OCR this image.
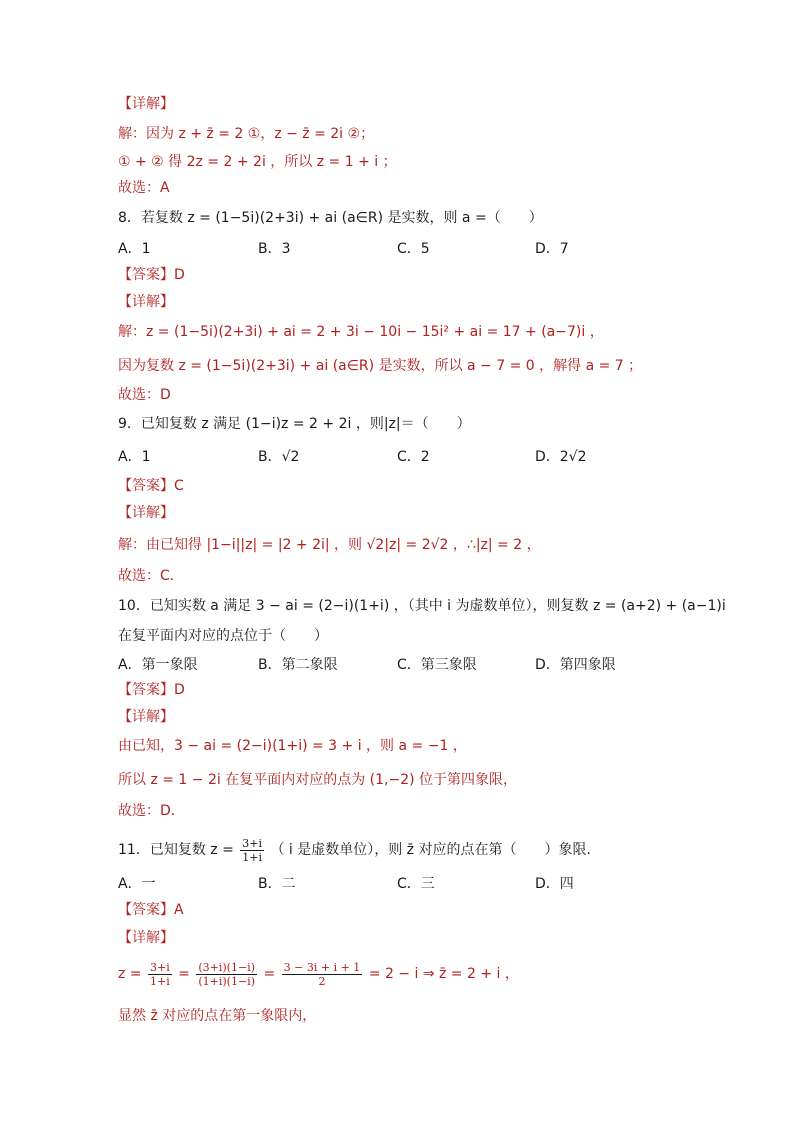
【详解】
解：因为 z + z̄ = 2 ①，z − z̄ = 2i ②；
① + ② 得 2z = 2 + 2i ，所以 z = 1 + i ；
故选：A
8．若复数 z = (1−5i)(2+3i) + ai (a∈R) 是实数，则 a =（　　）
A．1	B．3	C．5	D．7
【答案】D
【详解】
解：z = (1−5i)(2+3i) + ai = 2 + 3i − 10i − 15i² + ai = 17 + (a−7)i ，
因为复数 z = (1−5i)(2+3i) + ai (a∈R) 是实数，所以 a − 7 = 0 ，解得 a = 7 ；
故选：D
9．已知复数 z 满足 (1−i)z = 2 + 2i ，则|z|＝（　　）
A．1	B．√2	C．2	D．2√2
【答案】C
【详解】
解：由已知得 |1−i||z| = |2 + 2i| ，则 √2|z| = 2√2 ，∴|z| = 2 ，
故选：C．
10．已知实数 a 满足 3 − ai = (2−i)(1+i) ，（其中 i 为虚数单位），则复数 z = (a+2) + (a−1)i
在复平面内对应的点位于（　　）
A．第一象限	B．第二象限	C．第三象限	D．第四象限
【答案】D
【详解】
由已知，3 − ai = (2−i)(1+i) = 3 + i ，则 a = −1 ，
所以 z = 1 − 2i 在复平面内对应的点为 (1,−2) 位于第四象限，
故选：D．
11．已知复数 $z = \frac{3+i}{1+i}$ （ i 是虚数单位），则 z̄ 对应的点在第（　　）象限．
A．一	B．二	C．三	D．四
【答案】A
【详解】
$z = \frac{3+i}{1+i} = \frac{(3+i)(1-i)}{(1+i)(1-i)} = \frac{3 - 3i + i + 1}{2} = 2 - i$ ⇒ z̄ = 2 + i ，
显然 z̄ 对应的点在第一象限内，
